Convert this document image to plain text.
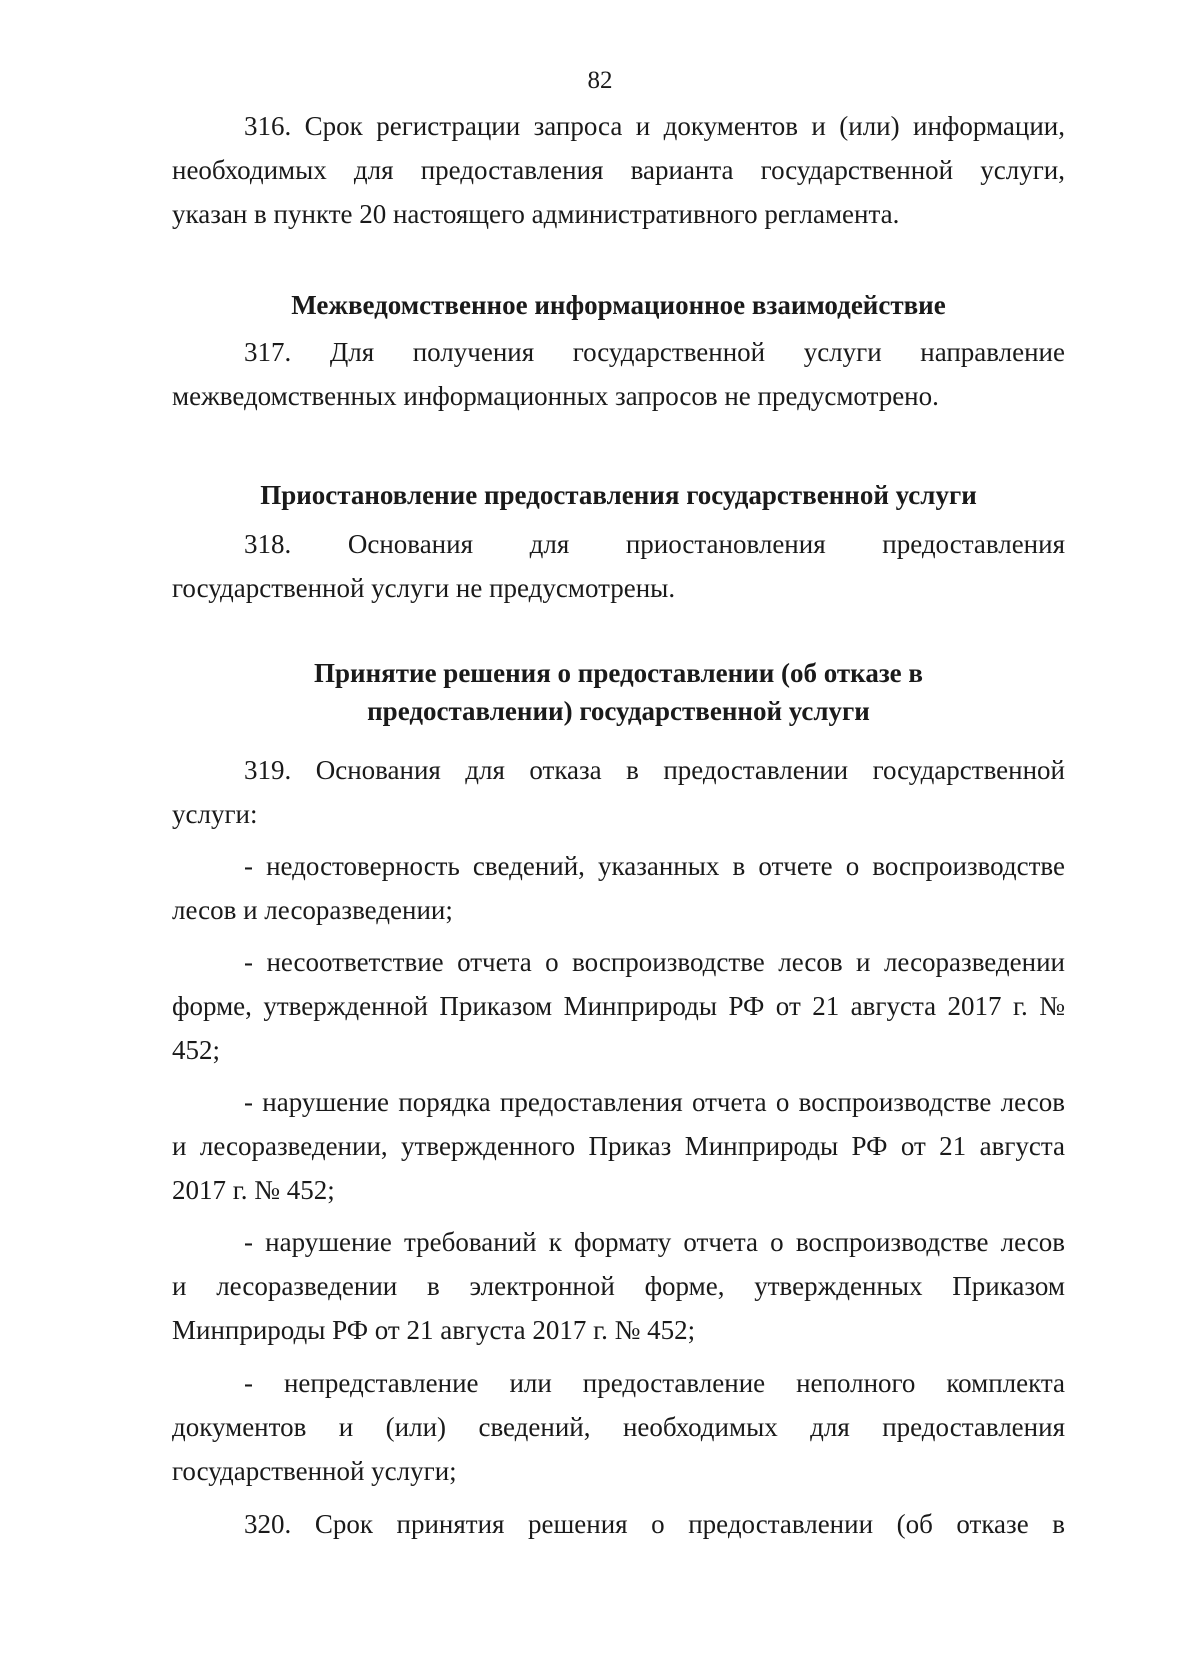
82
316. Срок регистрации запроса и документов и (или) информации,
необходимых для предоставления варианта государственной услуги,
указан в пункте 20 настоящего административного регламента.
Межведомственное информационное взаимодействие
317. Для получения государственной услуги направление
межведомственных информационных запросов не предусмотрено.
Приостановление предоставления государственной услуги
318. Основания для приостановления предоставления
государственной услуги не предусмотрены.
Принятие решения о предоставлении (об отказе в
предоставлении) государственной услуги
319. Основания для отказа в предоставлении государственной
услуги:
- недостоверность сведений, указанных в отчете о воспроизводстве
лесов и лесоразведении;
- несоответствие отчета о воспроизводстве лесов и лесоразведении
форме, утвержденной Приказом Минприроды РФ от 21 августа 2017 г. №
452;
- нарушение порядка предоставления отчета о воспроизводстве лесов
и лесоразведении, утвержденного Приказ Минприроды РФ от 21 августа
2017 г. № 452;
- нарушение требований к формату отчета о воспроизводстве лесов
и лесоразведении в электронной форме, утвержденных Приказом
Минприроды РФ от 21 августа 2017 г. № 452;
- непредставление или предоставление неполного комплекта
документов и (или) сведений, необходимых для предоставления
государственной услуги;
320. Срок принятия решения о предоставлении (об отказе в
